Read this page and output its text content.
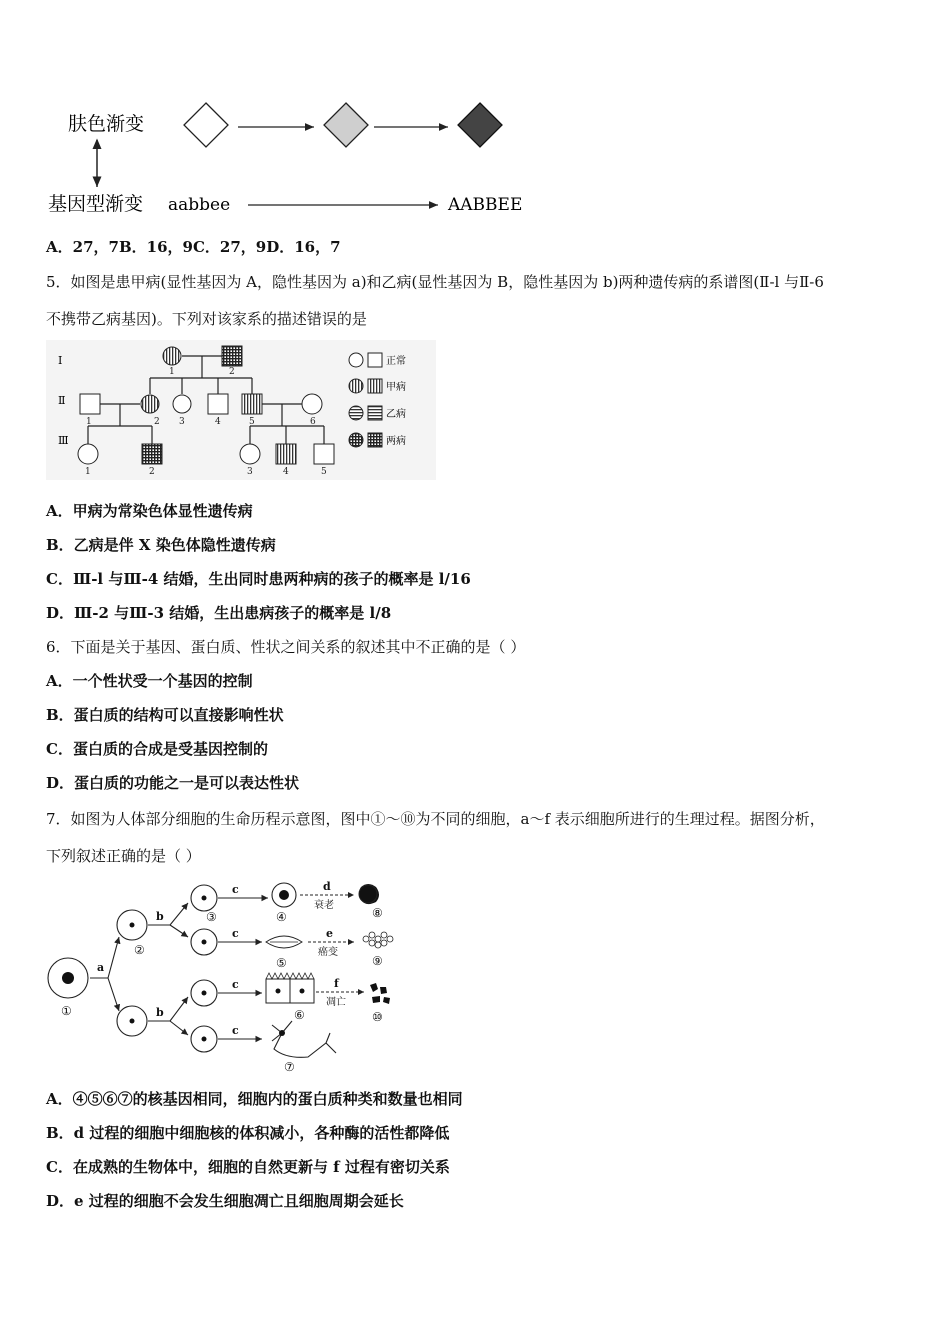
肤色渐变
基因型渐变 aabbee	AABBEE
A．27，7B．16，9C．27，9D．16，7
5．如图是患甲病(显性基因为 A，隐性基因为 a)和乙病(显性基因为 B，隐性基因为 b)两种遗传病的系谱图(Ⅱ-l 与Ⅱ-6
不携带乙病基因)。下列对该家系的描述错误的是
Ⅰ
Ⅱ
Ⅲ
1	2
1	2 3	4	5	6
1	2	3	4	5
正常
甲病
乙病
两病
A．甲病为常染色体显性遗传病
B．乙病是伴 X 染色体隐性遗传病
C．Ⅲ-l 与Ⅲ-4 结婚，生出同时患两种病的孩子的概率是 l/16
D．Ⅲ-2 与Ⅲ-3 结婚，生出患病孩子的概率是 l/8
6．下面是关于基因、蛋白质、性状之间关系的叙述其中不正确的是（ ）
A．一个性状受一个基因的控制
B．蛋白质的结构可以直接影响性状
C．蛋白质的合成是受基因控制的
D．蛋白质的功能之一是可以表达性状
7．如图为人体部分细胞的生命历程示意图，图中①～⑩为不同的细胞，a～f 表示细胞所进行的生理过程。据图分析，
下列叙述正确的是（ ）
a
b
b
c
c
c
c
d
e
f
衰老
癌变
凋亡
①
②
③	④
⑤
⑥
⑦
⑧
⑨
⑩
A．④⑤⑥⑦的核基因相同，细胞内的蛋白质种类和数量也相同
B．d 过程的细胞中细胞核的体积减小，各种酶的活性都降低
C．在成熟的生物体中，细胞的自然更新与 f 过程有密切关系
D．e 过程的细胞不会发生细胞凋亡且细胞周期会延长
